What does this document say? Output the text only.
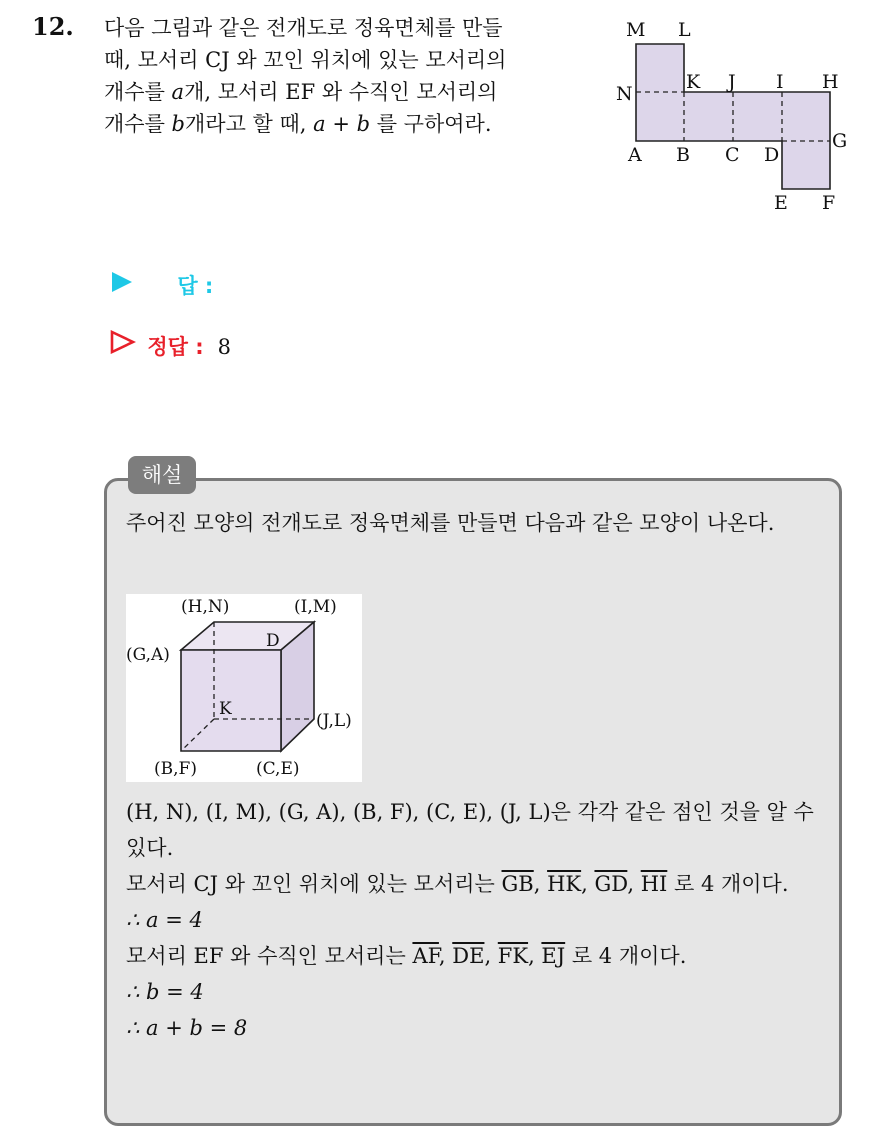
12. 다음 그림과 같은 전개도로 정육면체를 만들
때, 모서리 CJ 와 꼬인 위치에 있는 모서리의
개수를 a개, 모서리 EF 와 수직인 모서리의
개수를 b개라고 할 때, a + b 를 구하여라.
M L
N
K J I H
G
A B C D
E F
답 :
정답 : 8
해설

주어진 모양의 전개도로 정육면체를 만들면 다음과 같은 모양이 나온다.

(H,N)	(I,M)
(G,A)
D
K
(J,L)
(B,F)	(C,E)

(H, N), (I, M), (G, A), (B, F), (C, E), (J, L)은 각각 같은 점인 것을 알 수 있다.

모서리 CJ 와 꼬인 위치에 있는 모서리는 $\overline{GB}$, $\overline{HK}$, $\overline{GD}$, $\overline{HI}$ 로 4 개이다.

∴ a = 4

모서리 EF 와 수직인 모서리는 $\overline{AF}$, $\overline{DE}$, $\overline{FK}$, $\overline{EJ}$ 로 4 개이다.

∴ b = 4

∴ a + b = 8
